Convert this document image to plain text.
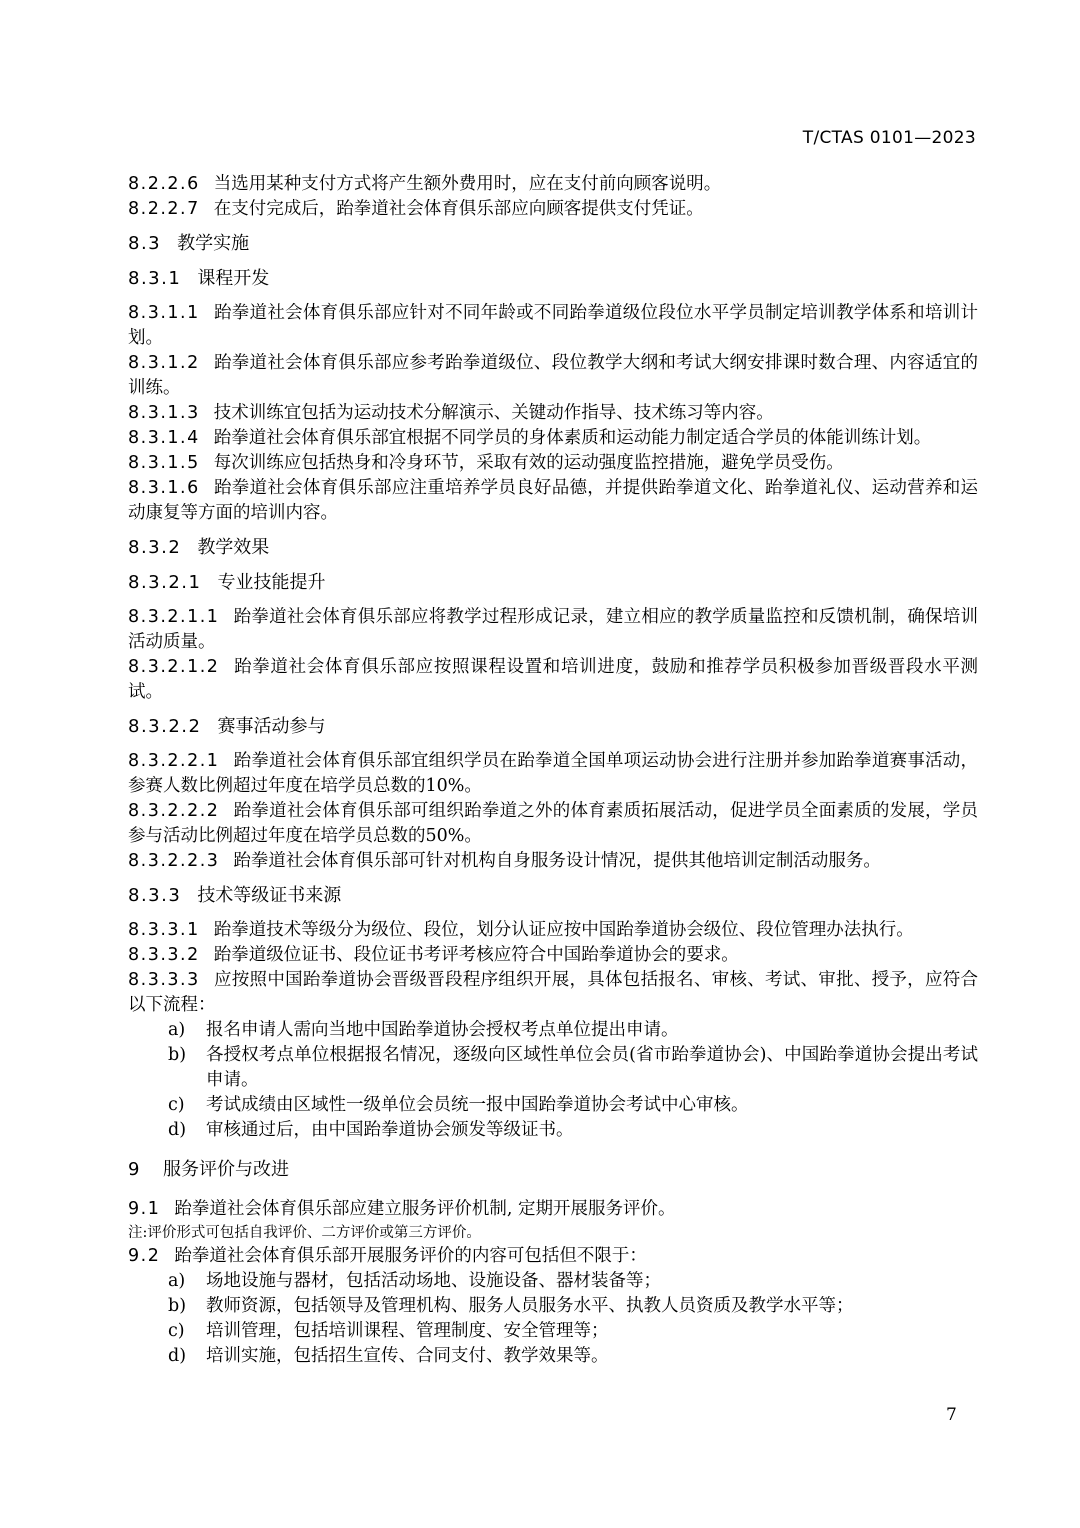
T/CTAS 0101—2023

8.2.2.6 当选用某种支付方式将产生额外费用时，应在支付前向顾客说明。

8.2.2.7 在支付完成后，跆拳道社会体育俱乐部应向顾客提供支付凭证。

8.3 教学实施

8.3.1 课程开发

8.3.1.1 跆拳道社会体育俱乐部应针对不同年龄或不同跆拳道级位段位水平学员制定培训教学体系和培训计划。

8.3.1.2 跆拳道社会体育俱乐部应参考跆拳道级位、段位教学大纲和考试大纲安排课时数合理、内容适宜的训练。

8.3.1.3 技术训练宜包括为运动技术分解演示、关键动作指导、技术练习等内容。

8.3.1.4 跆拳道社会体育俱乐部宜根据不同学员的身体素质和运动能力制定适合学员的体能训练计划。

8.3.1.5 每次训练应包括热身和冷身环节，采取有效的运动强度监控措施，避免学员受伤。

8.3.1.6 跆拳道社会体育俱乐部应注重培养学员良好品德，并提供跆拳道文化、跆拳道礼仪、运动营养和运动康复等方面的培训内容。

8.3.2 教学效果

8.3.2.1 专业技能提升

8.3.2.1.1 跆拳道社会体育俱乐部应将教学过程形成记录，建立相应的教学质量监控和反馈机制，确保培训活动质量。

8.3.2.1.2 跆拳道社会体育俱乐部应按照课程设置和培训进度，鼓励和推荐学员积极参加晋级晋段水平测试。

8.3.2.2 赛事活动参与

8.3.2.2.1 跆拳道社会体育俱乐部宜组织学员在跆拳道全国单项运动协会进行注册并参加跆拳道赛事活动，参赛人数比例超过年度在培学员总数的10%。

8.3.2.2.2 跆拳道社会体育俱乐部可组织跆拳道之外的体育素质拓展活动，促进学员全面素质的发展，学员参与活动比例超过年度在培学员总数的50%。

8.3.2.2.3 跆拳道社会体育俱乐部可针对机构自身服务设计情况，提供其他培训定制活动服务。

8.3.3 技术等级证书来源

8.3.3.1 跆拳道技术等级分为级位、段位，划分认证应按中国跆拳道协会级位、段位管理办法执行。

8.3.3.2 跆拳道级位证书、段位证书考评考核应符合中国跆拳道协会的要求。

8.3.3.3 应按照中国跆拳道协会晋级晋段程序组织开展，具体包括报名、审核、考试、审批、授予，应符合以下流程：

a)	报名申请人需向当地中国跆拳道协会授权考点单位提出申请。
b)	各授权考点单位根据报名情况，逐级向区域性单位会员(省市跆拳道协会)、中国跆拳道协会提出考试申请。
c)	考试成绩由区域性一级单位会员统一报中国跆拳道协会考试中心审核。
d)	审核通过后，由中国跆拳道协会颁发等级证书。

9 服务评价与改进

9.1 跆拳道社会体育俱乐部应建立服务评价机制, 定期开展服务评价。

注:评价形式可包括自我评价、二方评价或第三方评价。

9.2 跆拳道社会体育俱乐部开展服务评价的内容可包括但不限于：

a)	场地设施与器材，包括活动场地、设施设备、器材装备等；
b)	教师资源，包括领导及管理机构、服务人员服务水平、执教人员资质及教学水平等；
c)	培训管理，包括培训课程、管理制度、安全管理等；
d)	培训实施，包括招生宣传、合同支付、教学效果等。
7
